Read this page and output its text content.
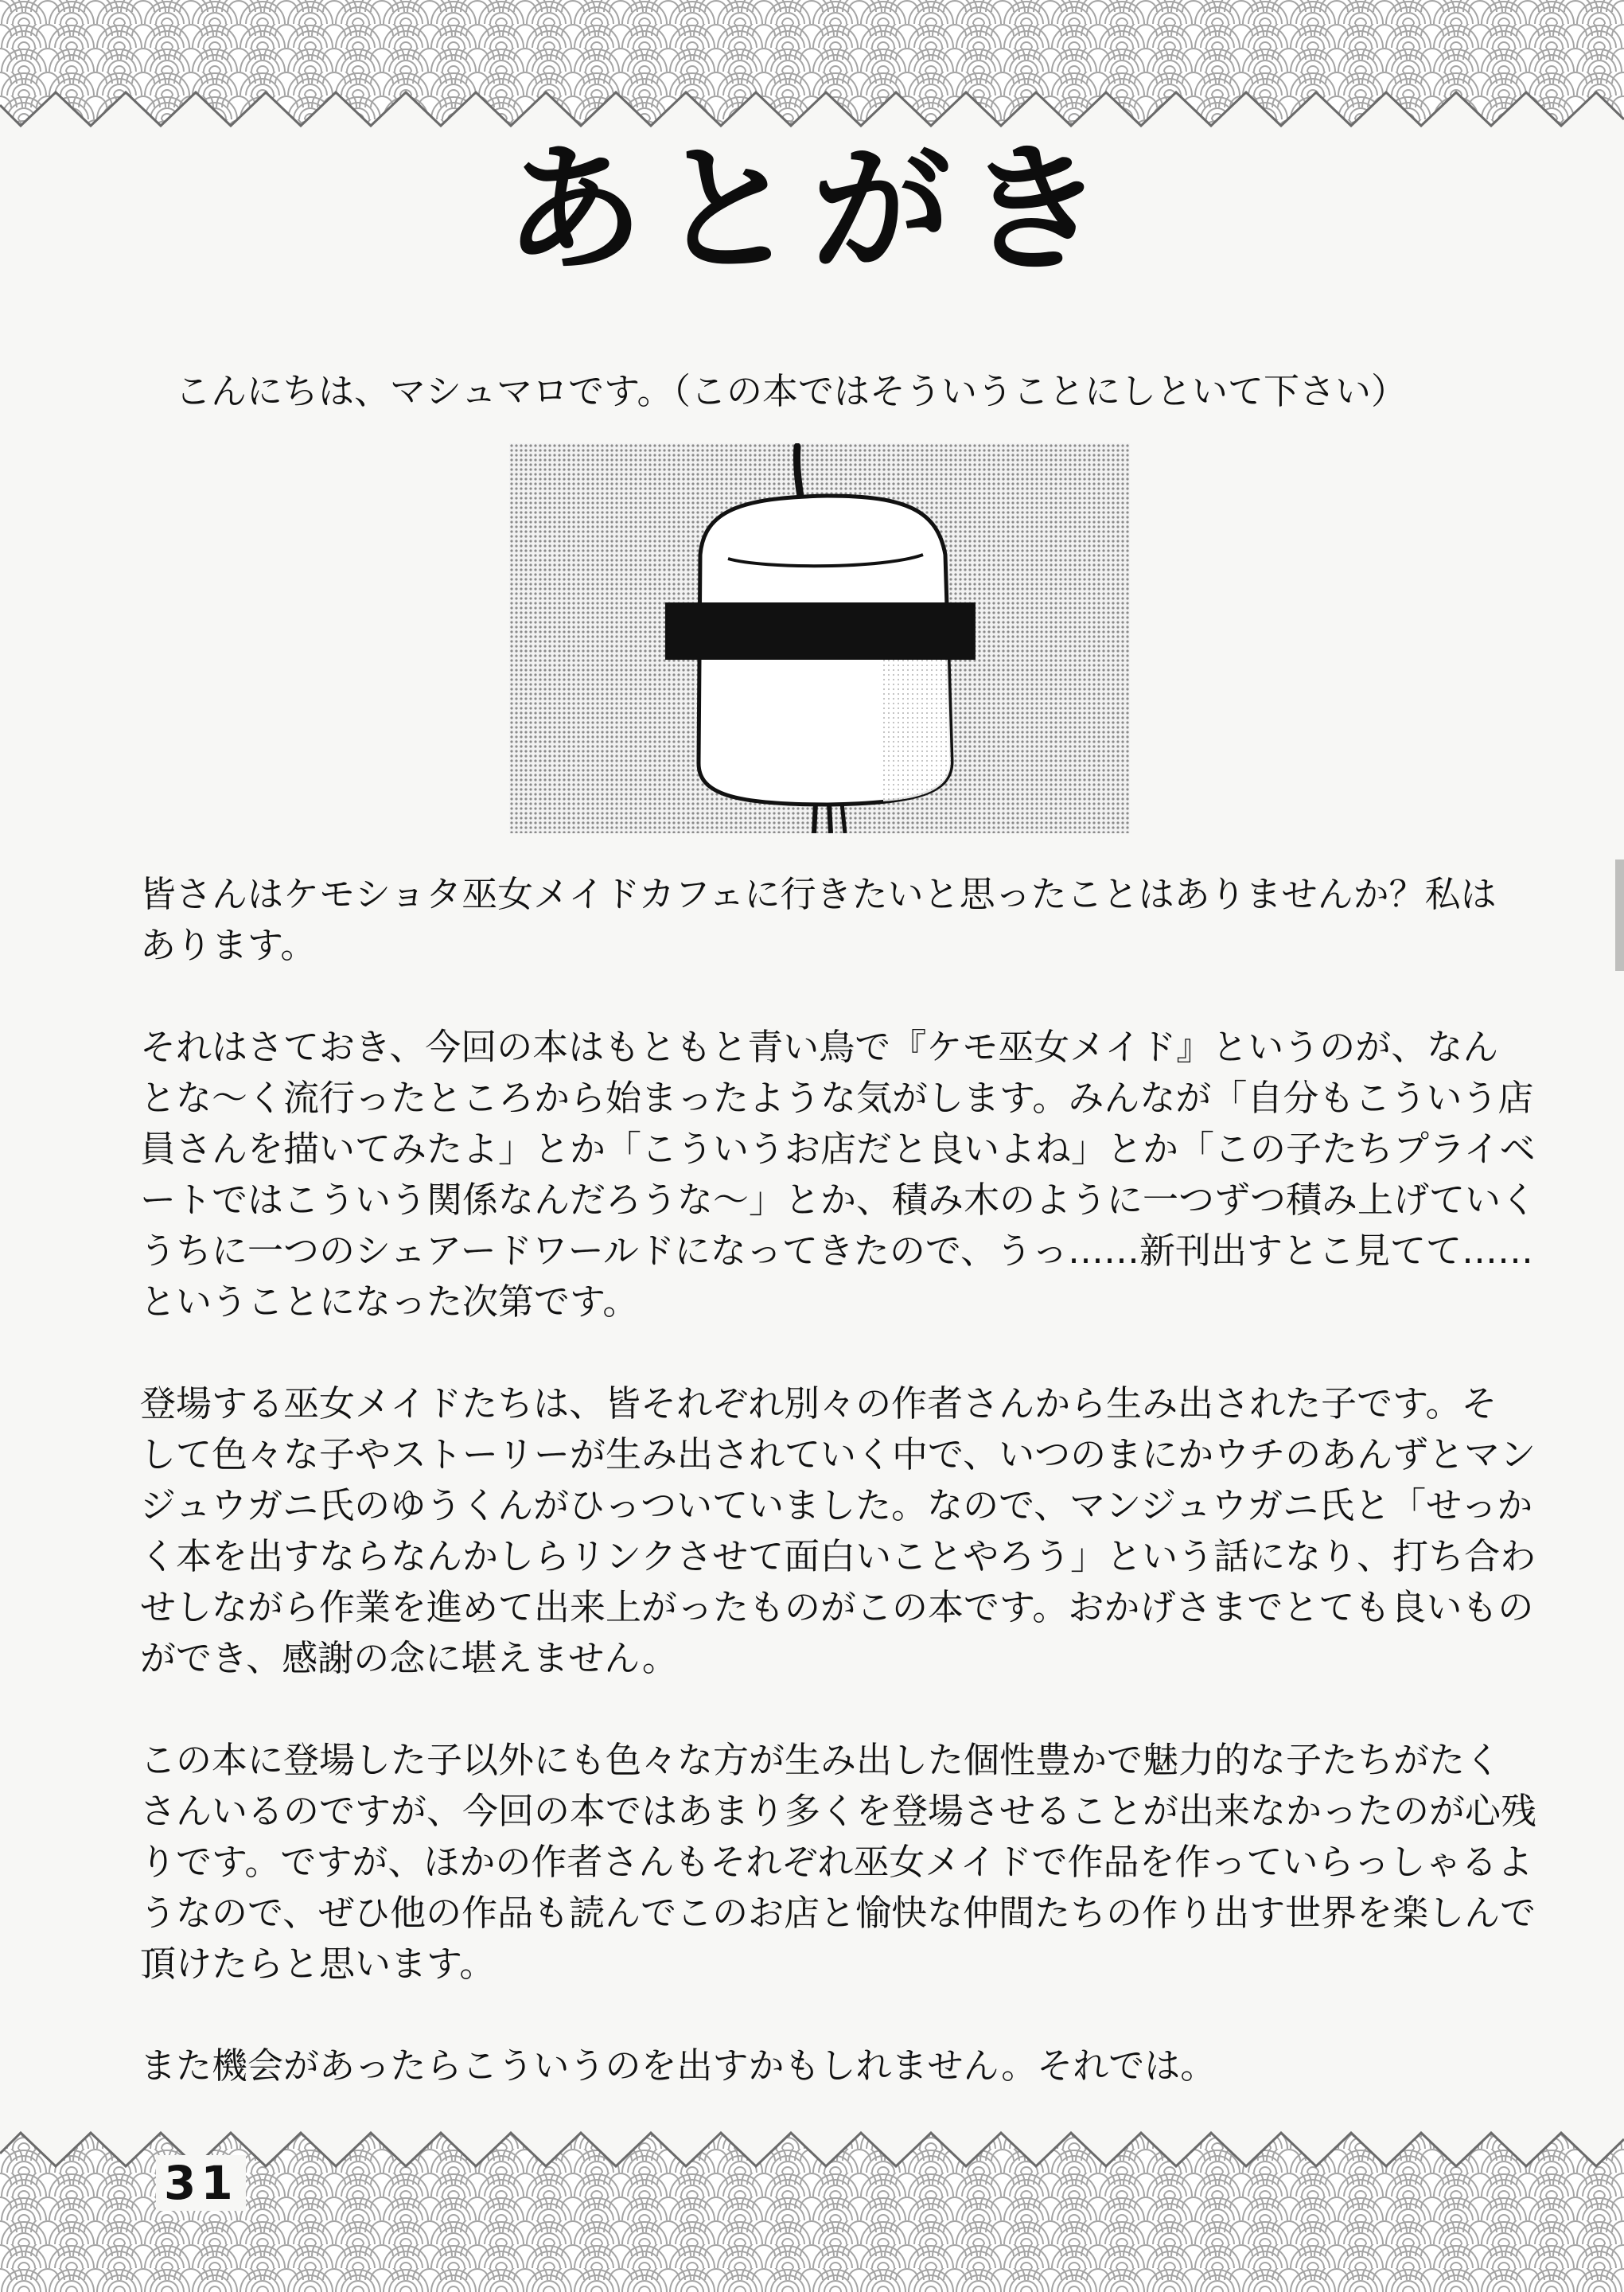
あとがき
こんにちは、マシュマロです。（この本ではそういうことにしといて下さい）
皆さんはケモショタ巫女メイドカフェに行きたいと思ったことはありませんか？私は
あります。
それはさておき、今回の本はもともと青い鳥で『ケモ巫女メイド』というのが、なん
とな～く流行ったところから始まったような気がします。みんなが「自分もこういう店
員さんを描いてみたよ」とか「こういうお店だと良いよね」とか「この子たちプライベ
ートではこういう関係なんだろうな～」とか、積み木のように一つずつ積み上げていく
うちに一つのシェアードワールドになってきたので、うっ……新刊出すとこ見てて……
ということになった次第です。
登場する巫女メイドたちは、皆それぞれ別々の作者さんから生み出された子です。そ
して色々な子やストーリーが生み出されていく中で、いつのまにかウチのあんずとマン
ジュウガニ氏のゆうくんがひっついていました。なので、マンジュウガニ氏と「せっか
く本を出すならなんかしらリンクさせて面白いことやろう」という話になり、打ち合わ
せしながら作業を進めて出来上がったものがこの本です。おかげさまでとても良いもの
ができ、感謝の念に堪えません。
この本に登場した子以外にも色々な方が生み出した個性豊かで魅力的な子たちがたく
さんいるのですが、今回の本ではあまり多くを登場させることが出来なかったのが心残
りです。ですが、ほかの作者さんもそれぞれ巫女メイドで作品を作っていらっしゃるよ
うなので、ぜひ他の作品も読んでこのお店と愉快な仲間たちの作り出す世界を楽しんで
頂けたらと思います。
また機会があったらこういうのを出すかもしれません。それでは。
31
